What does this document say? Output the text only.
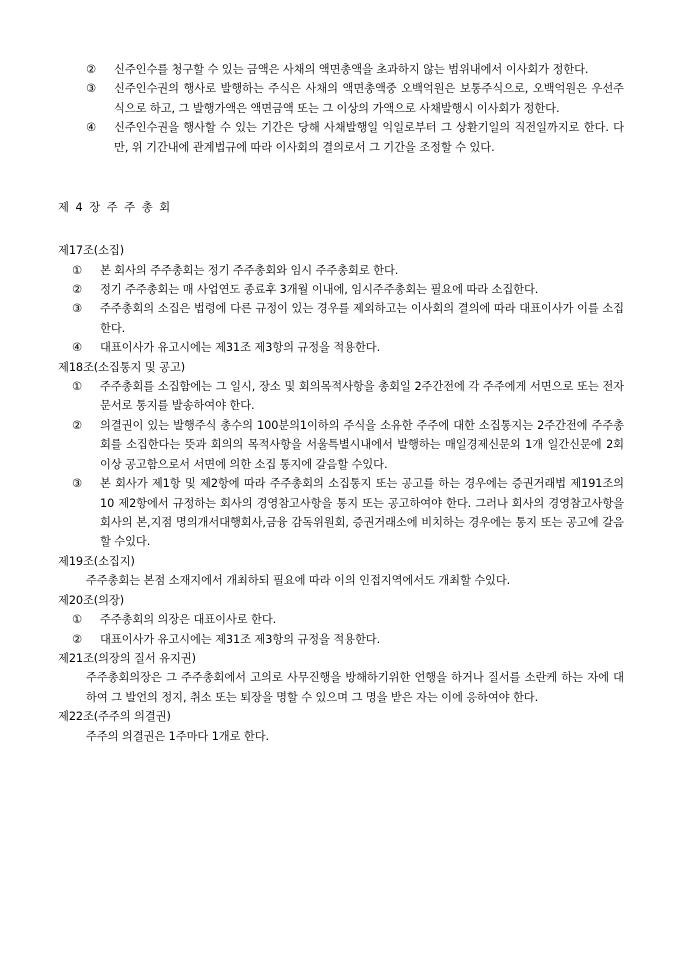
②	신주인수를 청구할 수 있는 금액은 사채의 액면총액을 초과하지 않는 범위내에서 이사회가 정한다.

③	신주인수권의 행사로 발행하는 주식은 사채의 액면총액중 오백억원은 보통주식으로, 오백억원은 우선주식으로 하고, 그 발행가액은 액면금액 또는 그 이상의 가액으로 사채발행시 이사회가 정한다.

④	신주인수권을 행사할 수 있는 기간은 당해 사채발행일 익일로부터 그 상환기일의 직전일까지로 한다. 다만, 위 기간내에 관계법규에 따라 이사회의 결의로서 그 기간을 조정할 수 있다.

제 4 장 주 주 총 회

제17조(소집)

①	본 회사의 주주총회는 정기 주주총회와 임시 주주총회로 한다.

②	정기 주주총회는 매 사업연도 종료후 3개월 이내에, 임시주주총회는 필요에 따라 소집한다.

③	주주총회의 소집은 법령에 다른 규정이 있는 경우를 제외하고는 이사회의 결의에 따라 대표이사가 이를 소집한다.

④	대표이사가 유고시에는 제31조 제3항의 규정을 적용한다.

제18조(소집통지 및 공고)

①	주주총회를 소집함에는 그 일시, 장소 및 회의목적사항을 총회일 2주간전에 각 주주에게 서면으로 또는 전자문서로 통지를 발송하여야 한다.

②	의결권이 있는 발행주식 총수의 100분의1이하의 주식을 소유한 주주에 대한 소집통지는 2주간전에 주주총회를 소집한다는 뜻과 회의의 목적사항을 서울특별시내에서 발행하는 매일경제신문외 1개 일간신문에 2회이상 공고함으로서 서면에 의한 소집 통지에 갈음할 수있다.

③	본 회사가 제1항 및 제2항에 따라 주주총회의 소집통지 또는 공고를 하는 경우에는 증권거래법 제191조의 10 제2항에서 규정하는 회사의 경영참고사항을 통지 또는 공고하여야 한다. 그러나 회사의 경영참고사항을 회사의 본,지점 명의개서대행회사,금융 감독위원회, 증권거래소에 비치하는 경우에는 통지 또는 공고에 갈음 할 수있다.

제19조(소집지)

주주총회는 본점 소재지에서 개최하되 필요에 따라 이의 인접지역에서도 개최할 수있다.

제20조(의장)

①	주주총회의 의장은 대표이사로 한다.

②	대표이사가 유고시에는 제31조 제3항의 규정을 적용한다.

제21조(의장의 질서 유지권)

주주총회의장은 그 주주총회에서 고의로 사무진행을 방해하기위한 언행을 하거나 질서를 소란케 하는 자에 대하여 그 발언의 정지, 취소 또는 퇴장을 명할 수 있으며 그 명을 받은 자는 이에 응하여야 한다.

제22조(주주의 의결권)

주주의 의결권은 1주마다 1개로 한다.
